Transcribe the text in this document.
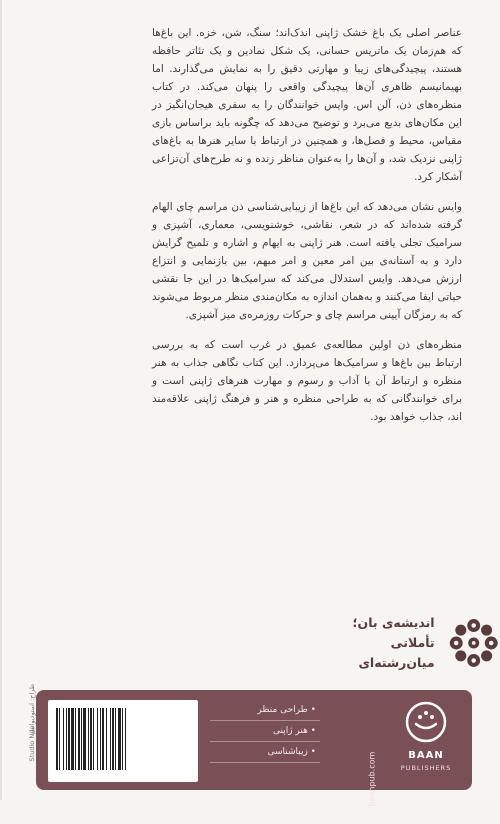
عناصر اصلی یک باغ خشک ژاپنی اندک‌اند؛ سنگ، شن، خزه. این باغ‌ها که هم‌زمان یک ماتریس حسانی، یک شکل نمادین و یک تئاتر حافظه هستند، پیچیدگی‌های زیبا و مهارتی دقیق را به نمایش می‌گذارند. اما بهیمانیسم ظاهری آن‌ها پیچیدگی واقعی را پنهان می‌کند. در کتاب منظره‌های ذن، آلن اس. وایس خوانندگان را به سفری هیجان‌انگیز در این مکان‌های بدیع می‌برد و توضیح می‌دهد که چگونه باید براساس بازی مقیاس، محیط و فصل‌ها، و همچنین در ارتباط با سایر هنرها به باغ‌های ژاپنی نزدیک شد، و آن‌ها را به‌عنوان مناظر زنده و نه طرح‌های آن‌تزاعی آشکار کرد.

وایس نشان می‌دهد که این باغ‌ها از زیبایی‌شناسی ذن مراسم چای الهام گرفته شده‌اند که در شعر، نقاشی، خوشنویسی، معماری، آشپزی و سرامیک تجلی یافته است. هنر ژاپنی به ایهام و اشاره و تلمیح گرایش دارد و به آستانه‌ی بین امر معین و امر مبهم، بین بازنمایی و انتزاع ارزش می‌دهد. وایس استدلال می‌کند که سرامیک‌ها در این جا نقشی حیاتی ایفا می‌کنند و به‌همان اندازه به مکان‌مندی منظر مربوط می‌شوند که به رمزگان آیینی مراسم چای و حرکات روزمره‌ی میز آشپزی.

منظره‌های ذن اولین مطالعه‌ی عمیق در غرب است که به بررسی ارتباط بین باغ‌ها و سرامیک‌ها می‌پردازد. این کتاب نگاهی جذاب به هنر منظره و ارتباط آن با آداب و رسوم و مهارت هنرهای ژاپنی است و برای خوانندگانی که به طراحی منظره و هنر و فرهنگ ژاپنی علاقه‌مند اند، جذاب خواهد بود.

اندیشه‌ی بان؛
تأملاتی میان‌رشته‌ای
طراح: استودیو نیل
Studio Neel
• طراحی منظر
• هنر ژاپنی
• زیبا‌شناسی	baanpub.com	BAAN
PUBLISHERS
